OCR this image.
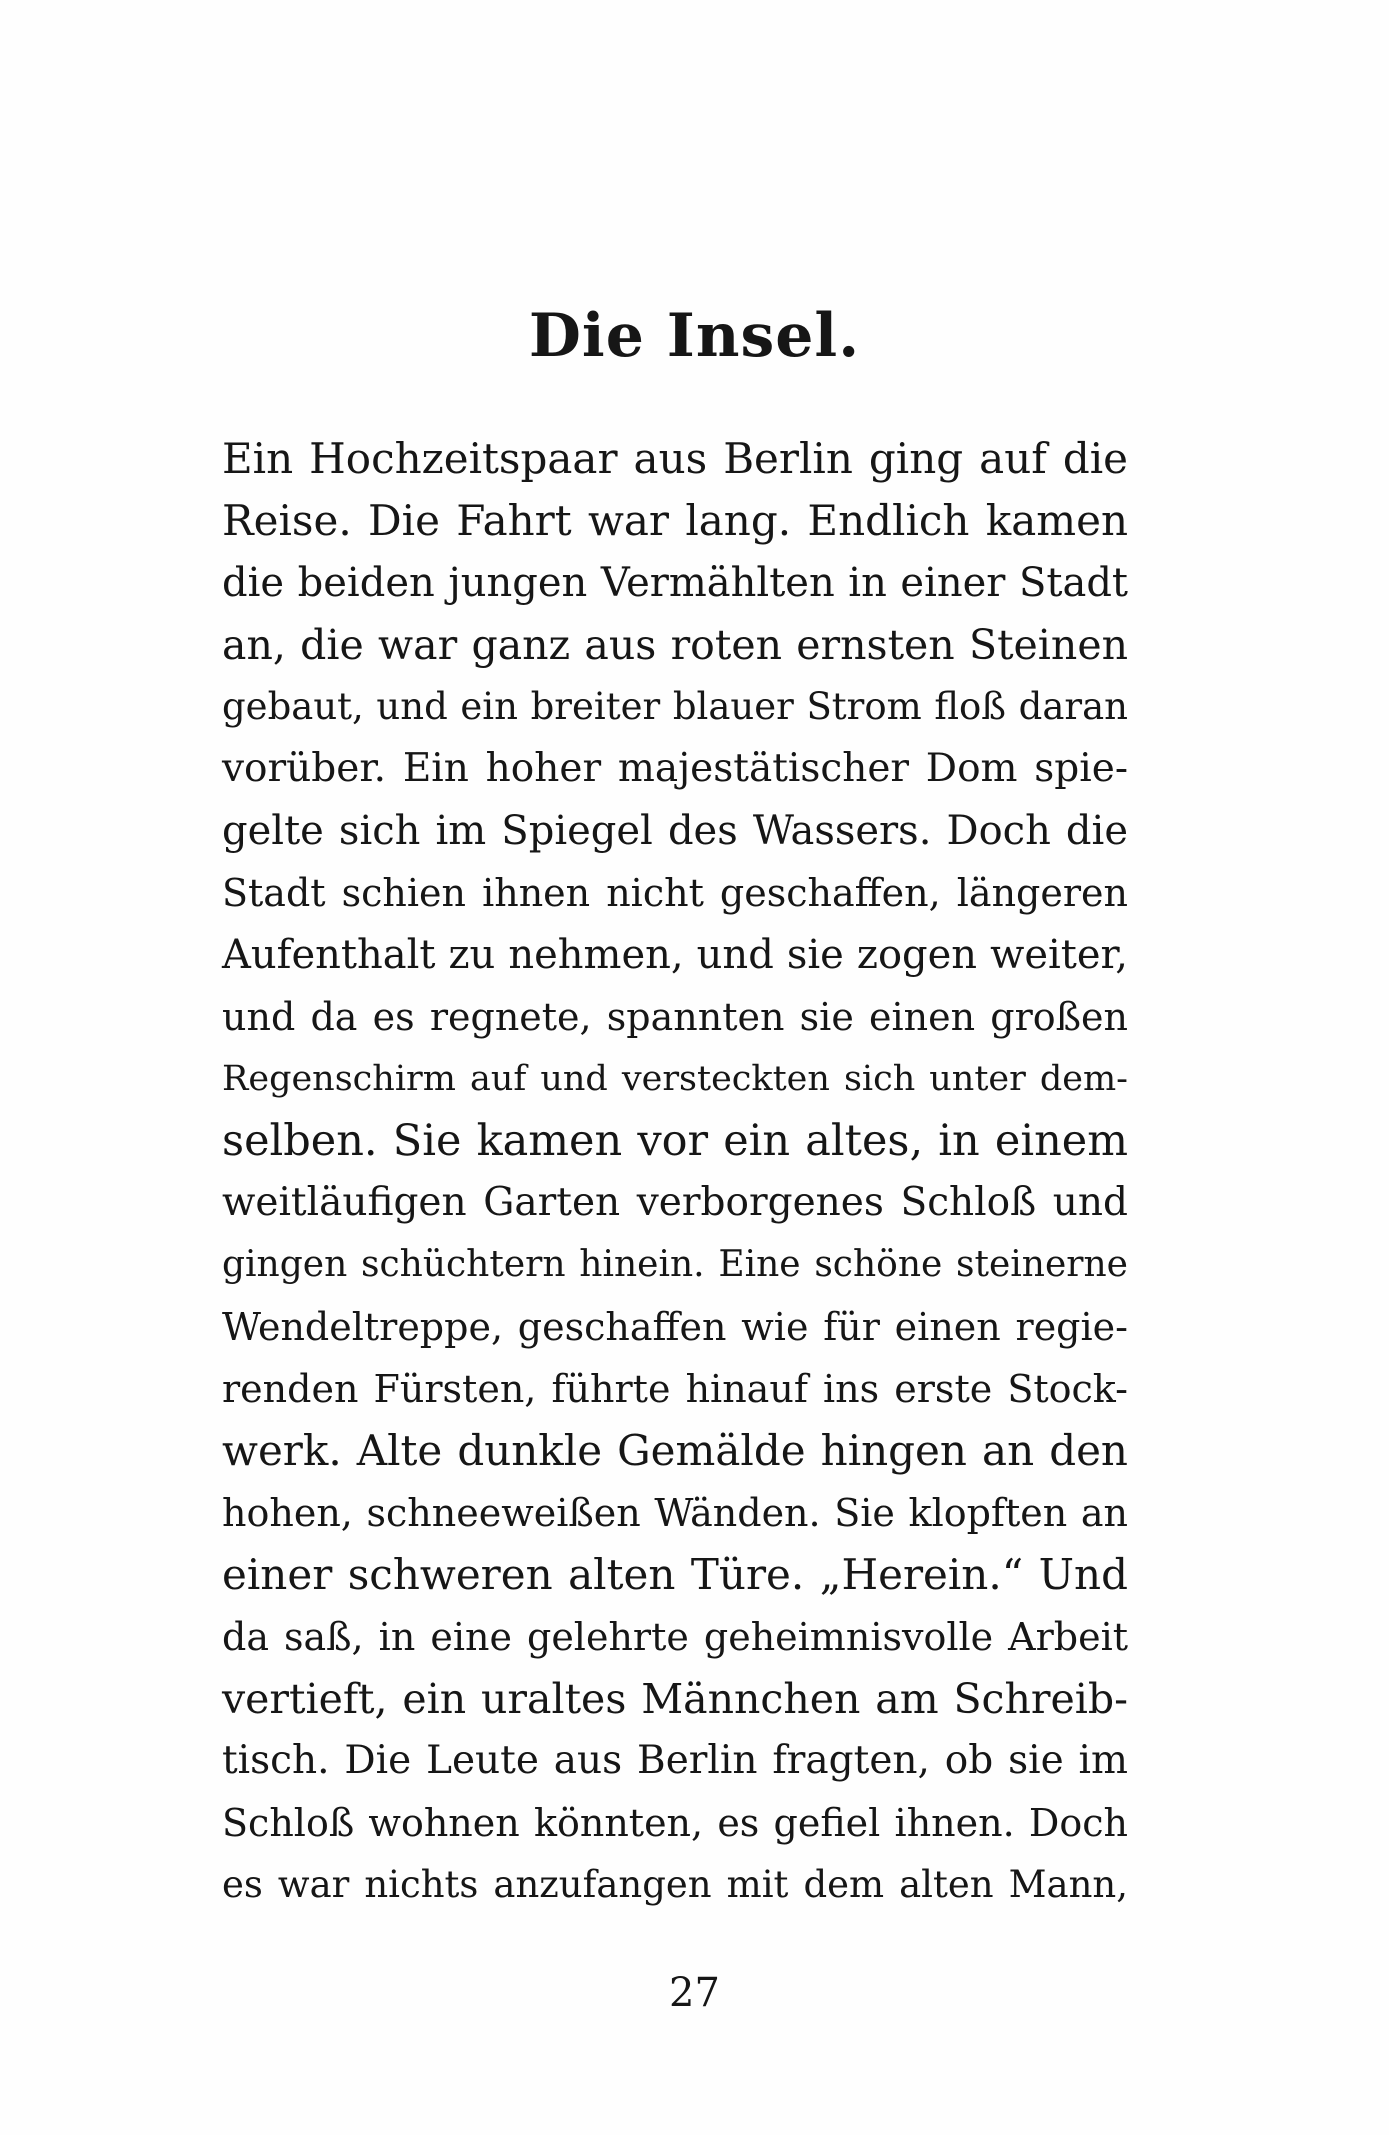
Die Insel.
Ein Hochzeitspaar aus Berlin ging auf die
Reise. Die Fahrt war lang. Endlich kamen
die beiden jungen Vermählten in einer Stadt
an, die war ganz aus roten ernsten Steinen
gebaut, und ein breiter blauer Strom floß daran
vorüber. Ein hoher majestätischer Dom spie-
gelte sich im Spiegel des Wassers. Doch die
Stadt schien ihnen nicht geschaffen, längeren
Aufenthalt zu nehmen, und sie zogen weiter,
und da es regnete, spannten sie einen großen
Regenschirm auf und versteckten sich unter dem-
selben. Sie kamen vor ein altes, in einem
weitläufigen Garten verborgenes Schloß und
gingen schüchtern hinein. Eine schöne steinerne
Wendeltreppe, geschaffen wie für einen regie-
renden Fürsten, führte hinauf ins erste Stock-
werk. Alte dunkle Gemälde hingen an den
hohen, schneeweißen Wänden. Sie klopften an
einer schweren alten Türe. „Herein.“ Und
da saß, in eine gelehrte geheimnisvolle Arbeit
vertieft, ein uraltes Männchen am Schreib-
tisch. Die Leute aus Berlin fragten, ob sie im
Schloß wohnen könnten, es gefiel ihnen. Doch
es war nichts anzufangen mit dem alten Mann,
27
